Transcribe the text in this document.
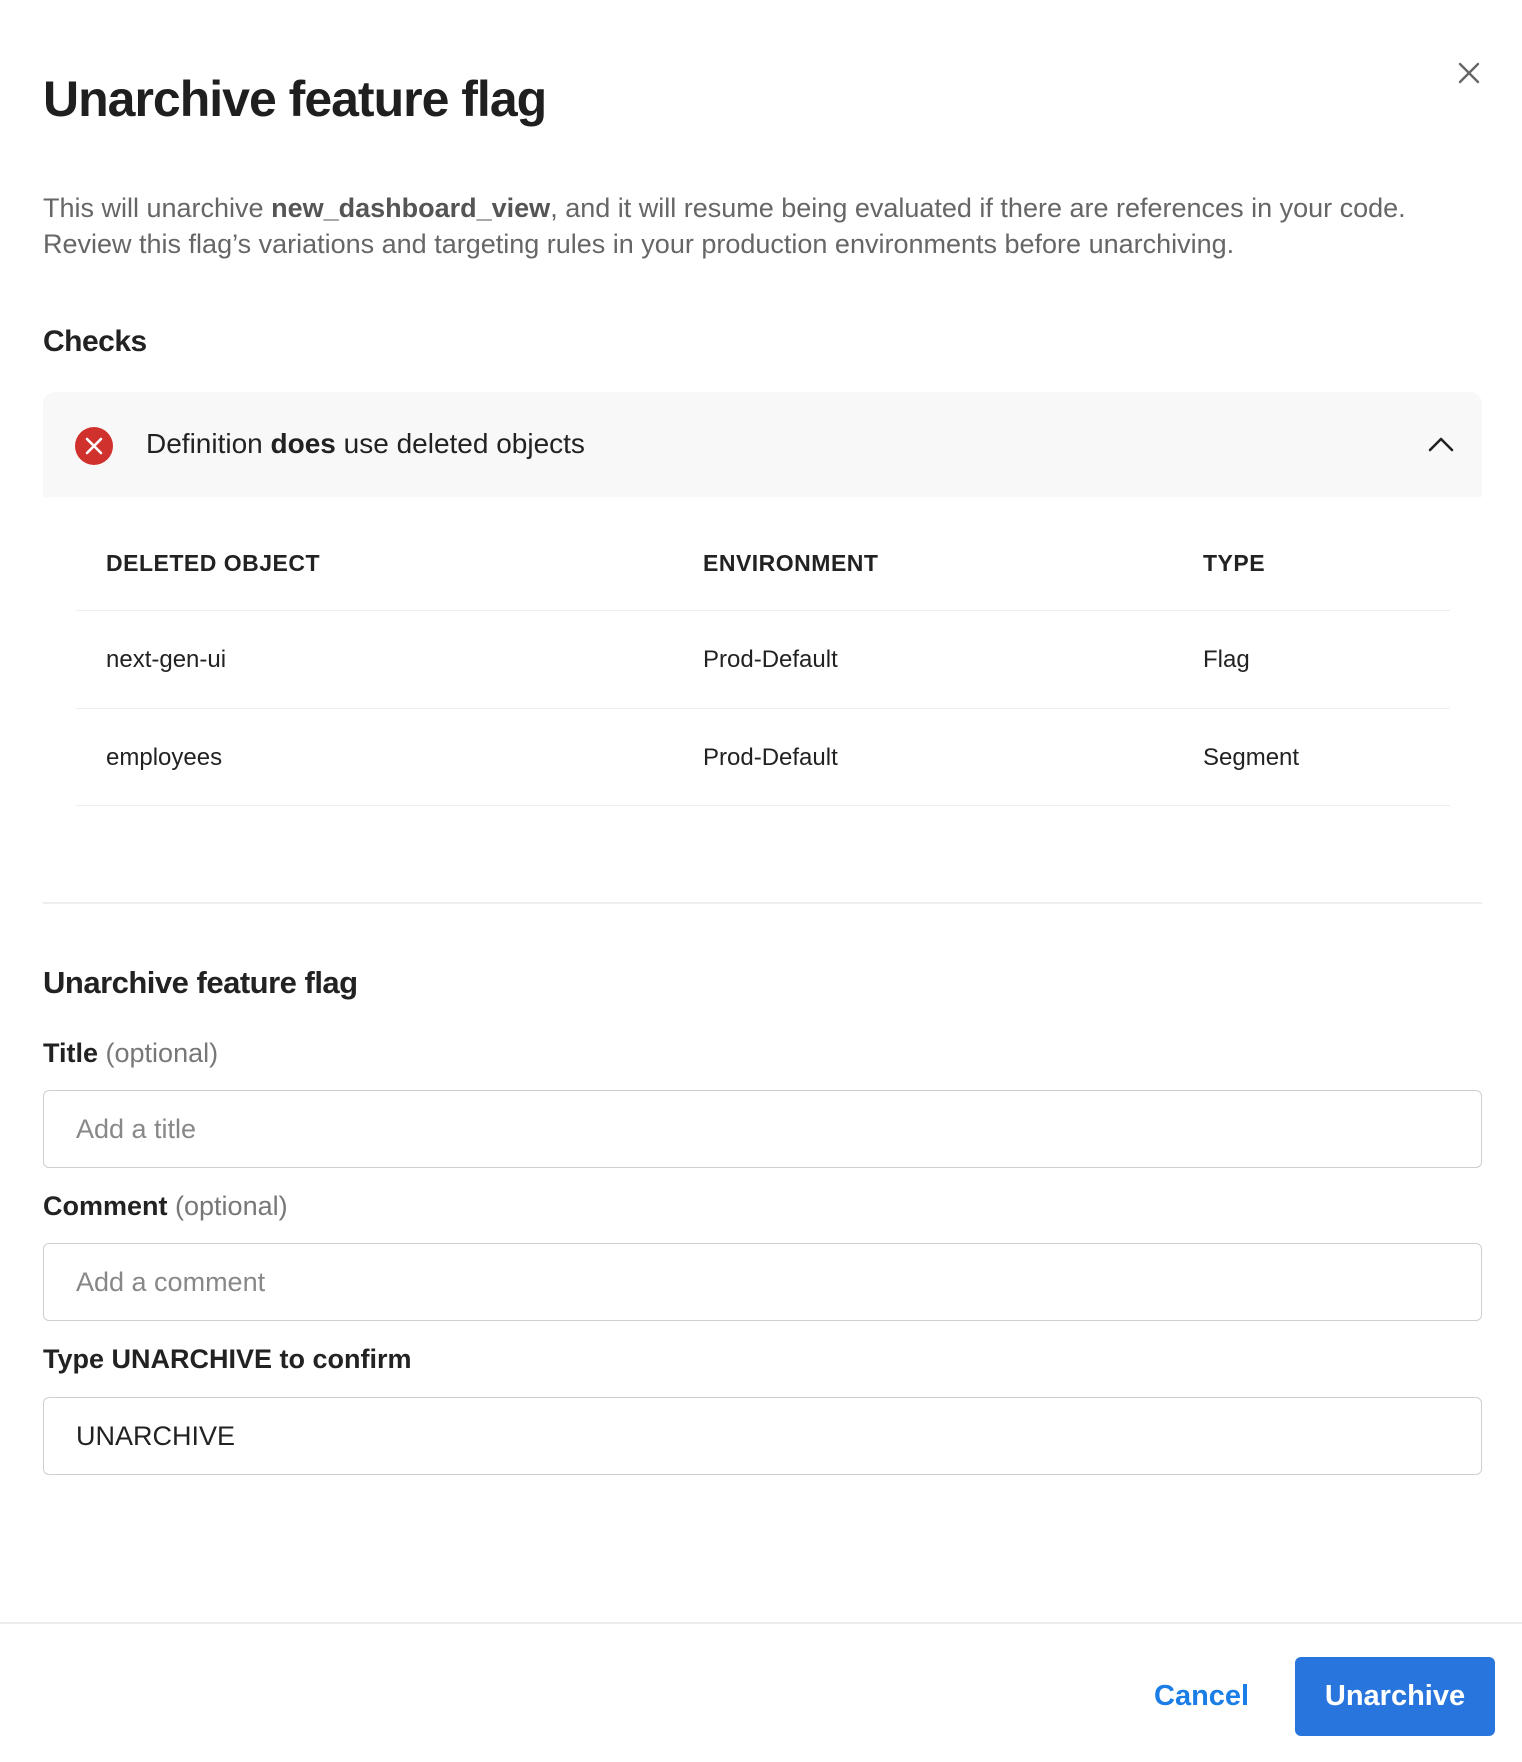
Unarchive feature flag

This will unarchive new_dashboard_view, and it will resume being evaluated if there are references in your code. Review this flag’s variations and targeting rules in your production environments before unarchiving.

Checks
Definition does use deleted objects
DELETED OBJECT	ENVIRONMENT	TYPE
next-gen-ui	Prod-Default	Flag
employees	Prod-Default	Segment
Unarchive feature flag
Title (optional)
Add a title
Comment (optional)
Add a comment
Type UNARCHIVE to confirm
UNARCHIVE
Cancel	Unarchive
